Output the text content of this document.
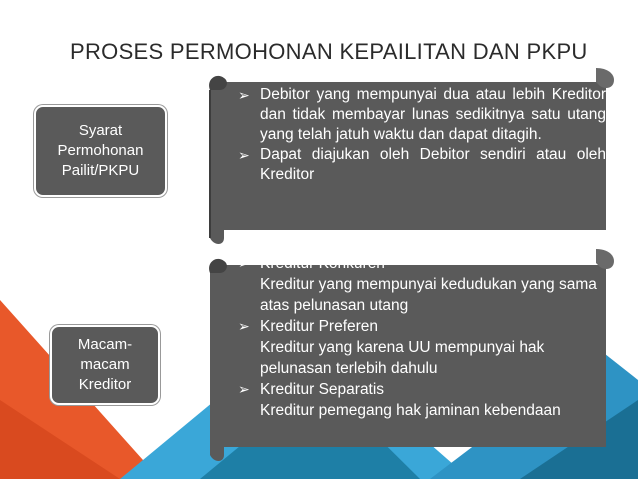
PROSES PERMOHONAN KEPAILITAN DAN PKPU
Syarat
Permohonan
Pailit/PKPU
➢ Debitor yang mempunyai dua atau lebih Kreditor dan tidak membayar lunas sedikitnya satu utang yang telah jatuh waktu dan dapat ditagih.
➢ Dapat diajukan oleh Debitor sendiri atau oleh Kreditor
Macam-
macam
Kreditor
➢ Kreditur Konkuren
Kreditur yang mempunyai kedudukan yang sama atas pelunasan utang
➢ Kreditur Preferen
Kreditur yang karena UU mempunyai hak pelunasan terlebih dahulu
➢ Kreditur Separatis
Kreditur pemegang hak jaminan kebendaan
